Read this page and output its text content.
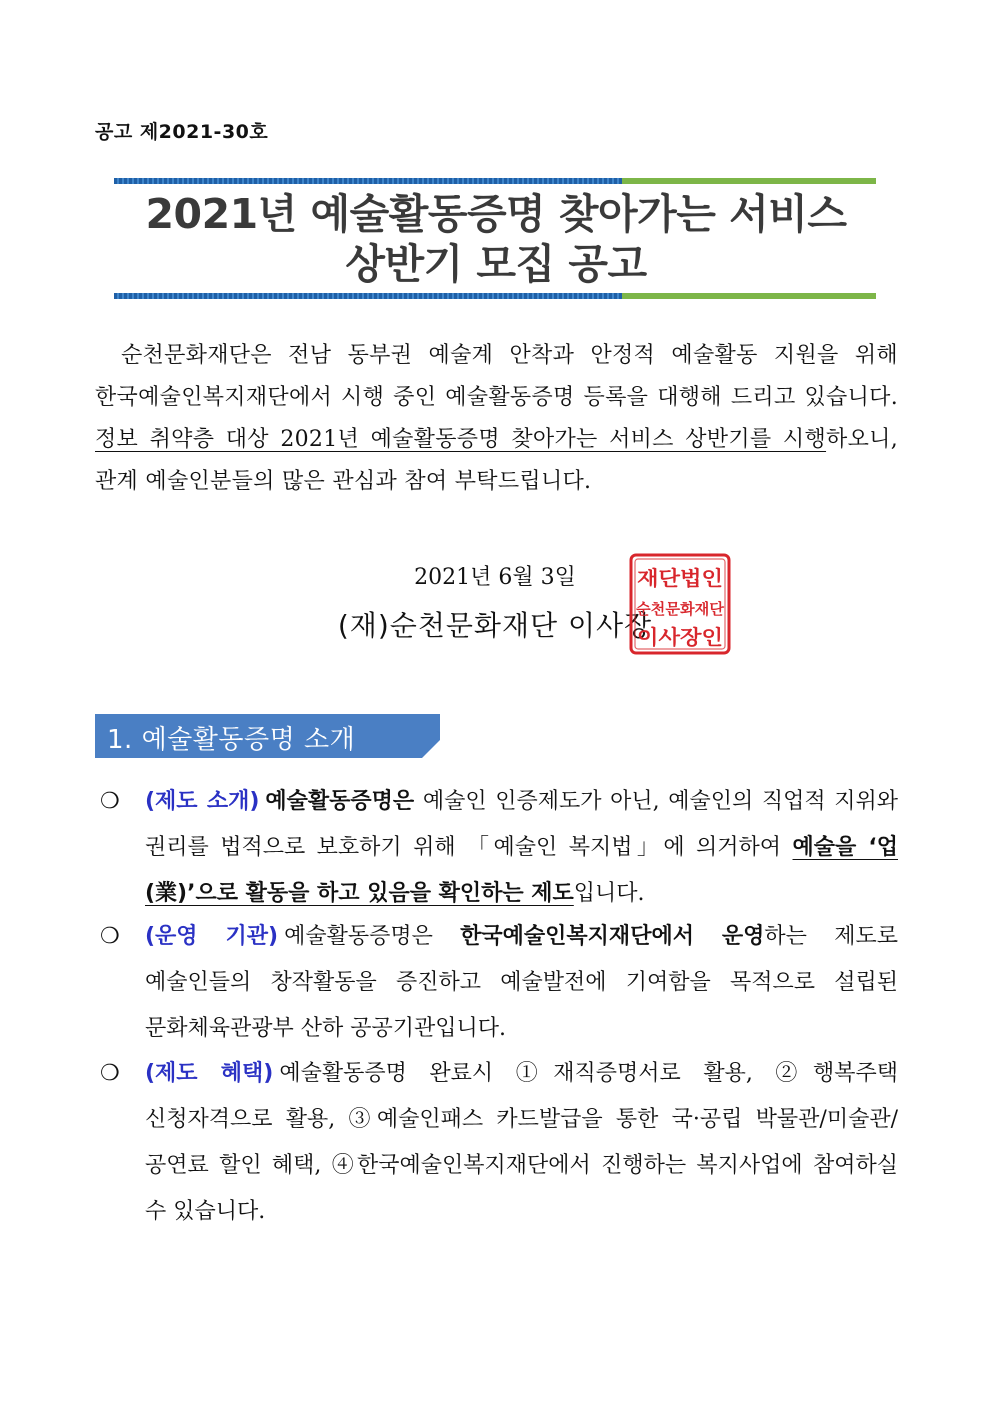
공고 제2021-30호
2021년 예술활동증명 찾아가는 서비스
상반기 모집 공고
순천문화재단은 전남 동부권 예술계 안착과 안정적 예술활동 지원을 위해 한국예술인복지재단에서 시행 중인 예술활동증명 등록을 대행해 드리고 있습니다. 정보 취약층 대상 2021년 예술활동증명 찾아가는 서비스 상반기를 시행하오니, 관계 예술인분들의 많은 관심과 참여 부탁드립니다.
2021년 6월 3일
(재)순천문화재단 이사장
재단법인
순천문화재단
이사장인
1. 예술활동증명 소개
❍	(제도 소개) 예술활동증명은 예술인 인증제도가 아닌, 예술인의 직업적 지위와 권리를 법적으로 보호하기 위해 「예술인 복지법」에 의거하여 예술을 ‘업(業)’으로 활동을 하고 있음을 확인하는 제도입니다.
❍	(운영 기관) 예술활동증명은 한국예술인복지재단에서 운영하는 제도로 예술인들의 창작활동을 증진하고 예술발전에 기여함을 목적으로 설립된 문화체육관광부 산하 공공기관입니다.
❍	(제도 혜택) 예술활동증명 완료시 ①재직증명서로 활용, ②행복주택 신청자격으로 활용, ③예술인패스 카드발급을 통한 국·공립 박물관/미술관/공연료 할인 혜택, ④한국예술인복지재단에서 진행하는 복지사업에 참여하실 수 있습니다.
